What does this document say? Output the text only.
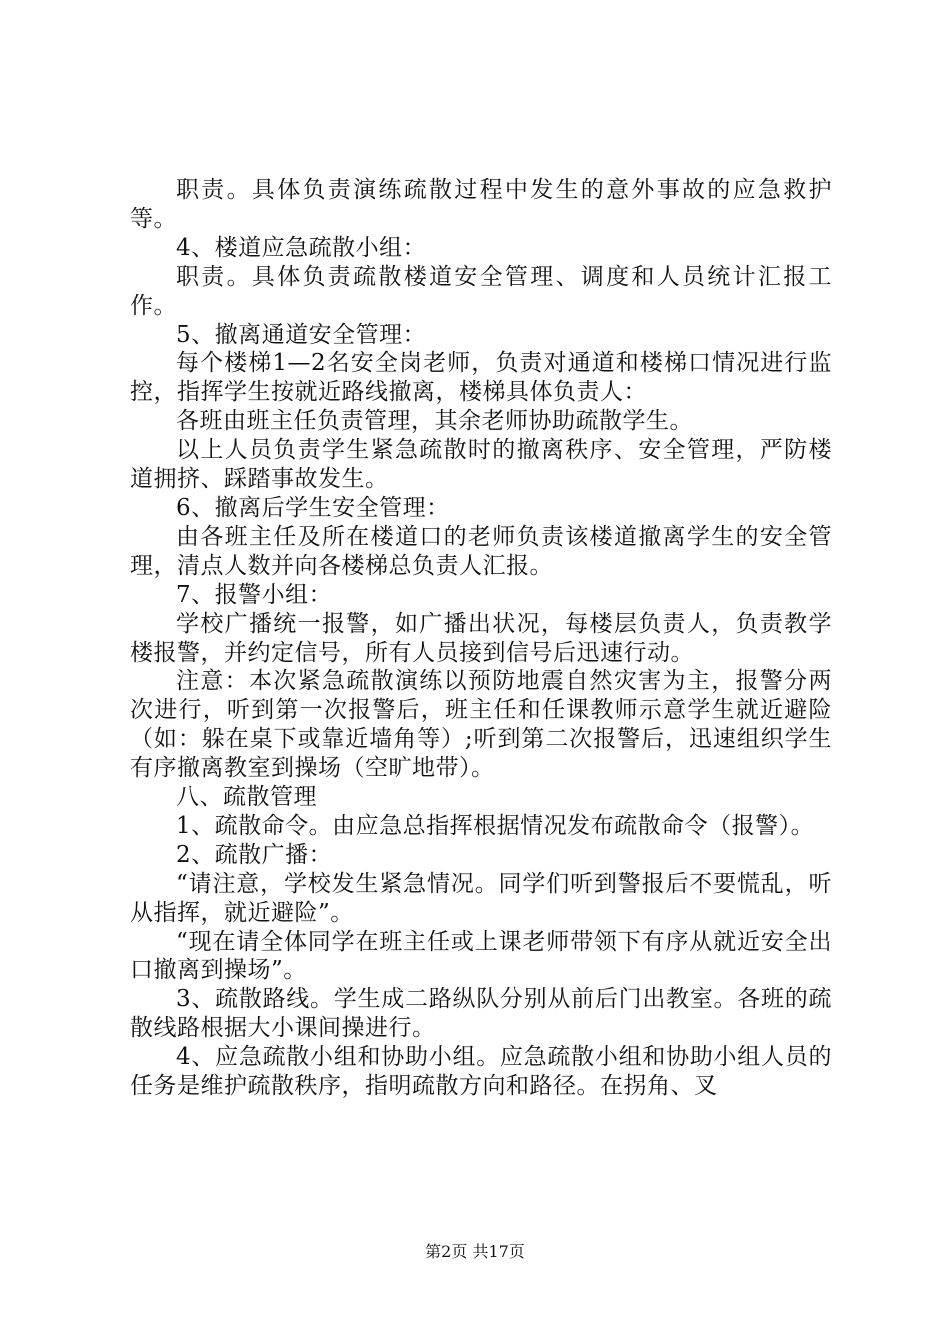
职责。具体负责演练疏散过程中发生的意外事故的应急救护等。

4、楼道应急疏散小组：

职责。具体负责疏散楼道安全管理、调度和人员统计汇报工作。

5、撤离通道安全管理：

每个楼梯1—2名安全岗老师，负责对通道和楼梯口情况进行监控，指挥学生按就近路线撤离，楼梯具体负责人：

各班由班主任负责管理，其余老师协助疏散学生。

以上人员负责学生紧急疏散时的撤离秩序、安全管理，严防楼道拥挤、踩踏事故发生。

6、撤离后学生安全管理：

由各班主任及所在楼道口的老师负责该楼道撤离学生的安全管理，清点人数并向各楼梯总负责人汇报。

7、报警小组：

学校广播统一报警，如广播出状况，每楼层负责人，负责教学楼报警，并约定信号，所有人员接到信号后迅速行动。

注意：本次紧急疏散演练以预防地震自然灾害为主，报警分两次进行，听到第一次报警后，班主任和任课教师示意学生就近避险（如：躲在桌下或靠近墙角等）;听到第二次报警后，迅速组织学生有序撤离教室到操场（空旷地带）。

八、疏散管理

1、疏散命令。由应急总指挥根据情况发布疏散命令（报警）。

2、疏散广播：

“请注意，学校发生紧急情况。同学们听到警报后不要慌乱，听从指挥，就近避险”。

“现在请全体同学在班主任或上课老师带领下有序从就近安全出口撤离到操场”。

3、疏散路线。学生成二路纵队分别从前后门出教室。各班的疏散线路根据大小课间操进行。

4、应急疏散小组和协助小组。应急疏散小组和协助小组人员的任务是维护疏散秩序，指明疏散方向和路径。在拐角、叉

第2页 共17页
